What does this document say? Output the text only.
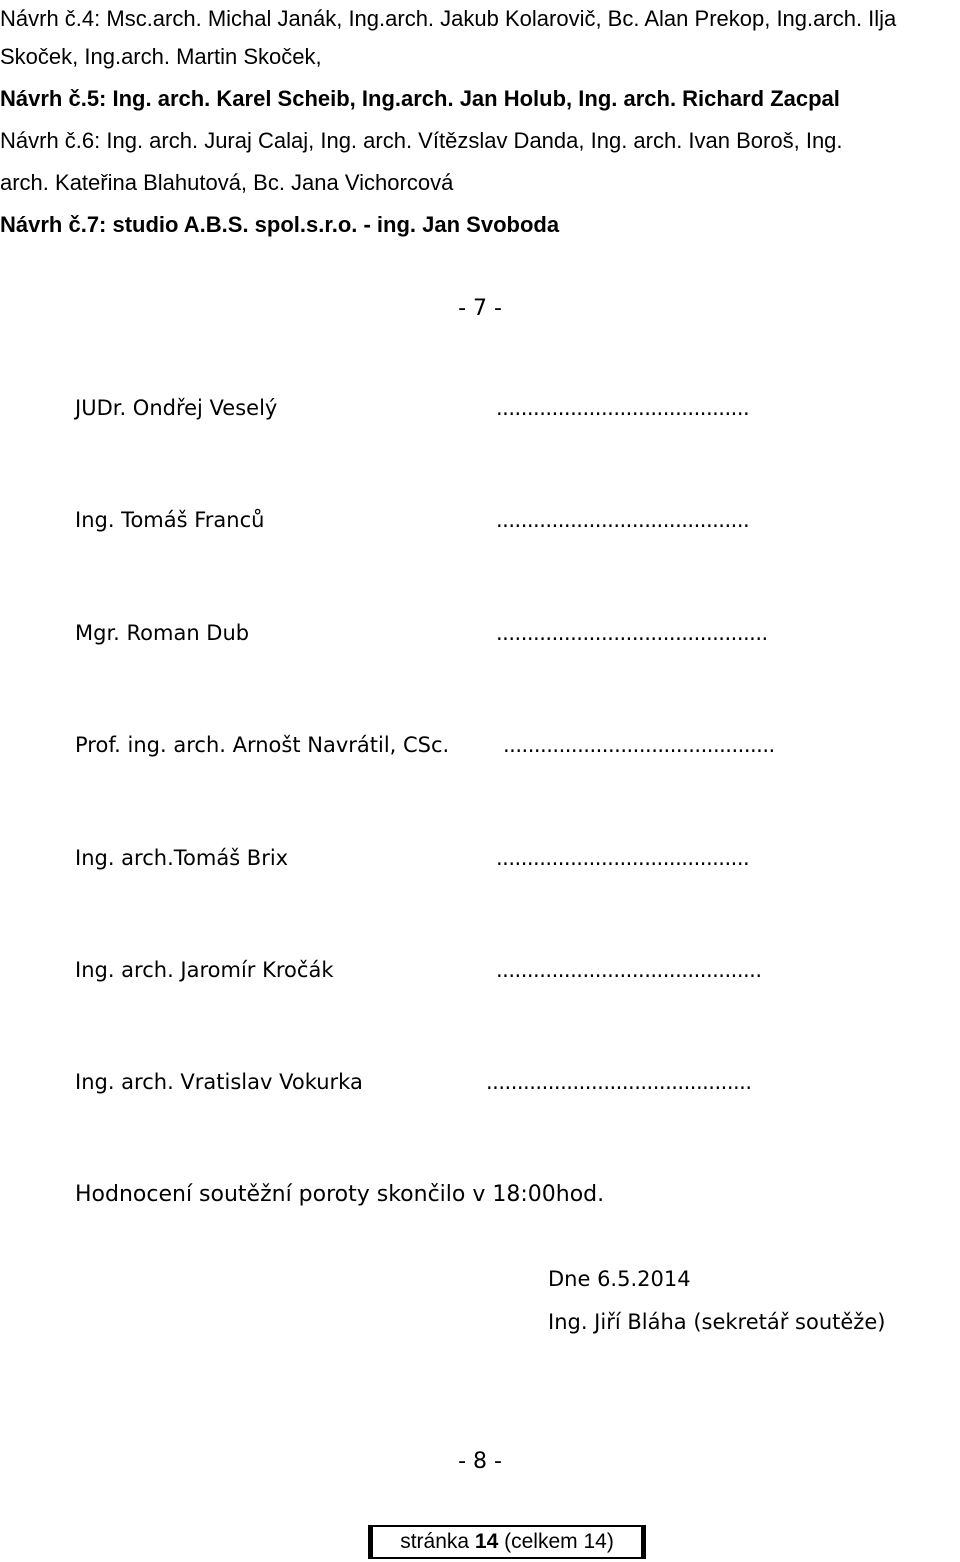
Návrh č.4: Msc.arch. Michal Janák, Ing.arch. Jakub Kolarovič, Bc. Alan Prekop, Ing.arch. Ilja
Skoček, Ing.arch. Martin Skoček,
Návrh č.5: Ing. arch. Karel Scheib, Ing.arch. Jan Holub, Ing. arch. Richard Zacpal
Návrh č.6: Ing. arch. Juraj Calaj, Ing. arch. Vítězslav Danda, Ing. arch. Ivan Boroš, Ing.
arch. Kateřina Blahutová, Bc. Jana Vichorcová
Návrh č.7: studio A.B.S. spol.s.r.o. - ing. Jan Svoboda
- 7 -
JUDr. Ondřej Veselý	.........................................
Ing. Tomáš Franců	.........................................
Mgr. Roman Dub	............................................
Prof. ing. arch. Arnošt Navrátil, CSc.	............................................
Ing. arch.Tomáš Brix	.........................................
Ing. arch. Jaromír Kročák	...........................................
Ing. arch. Vratislav Vokurka	...........................................
Hodnocení soutěžní poroty skončilo v 18:00hod.
Dne 6.5.2014
Ing. Jiří Bláha (sekretář soutěže)
- 8 -
stránka 14 (celkem 14)
